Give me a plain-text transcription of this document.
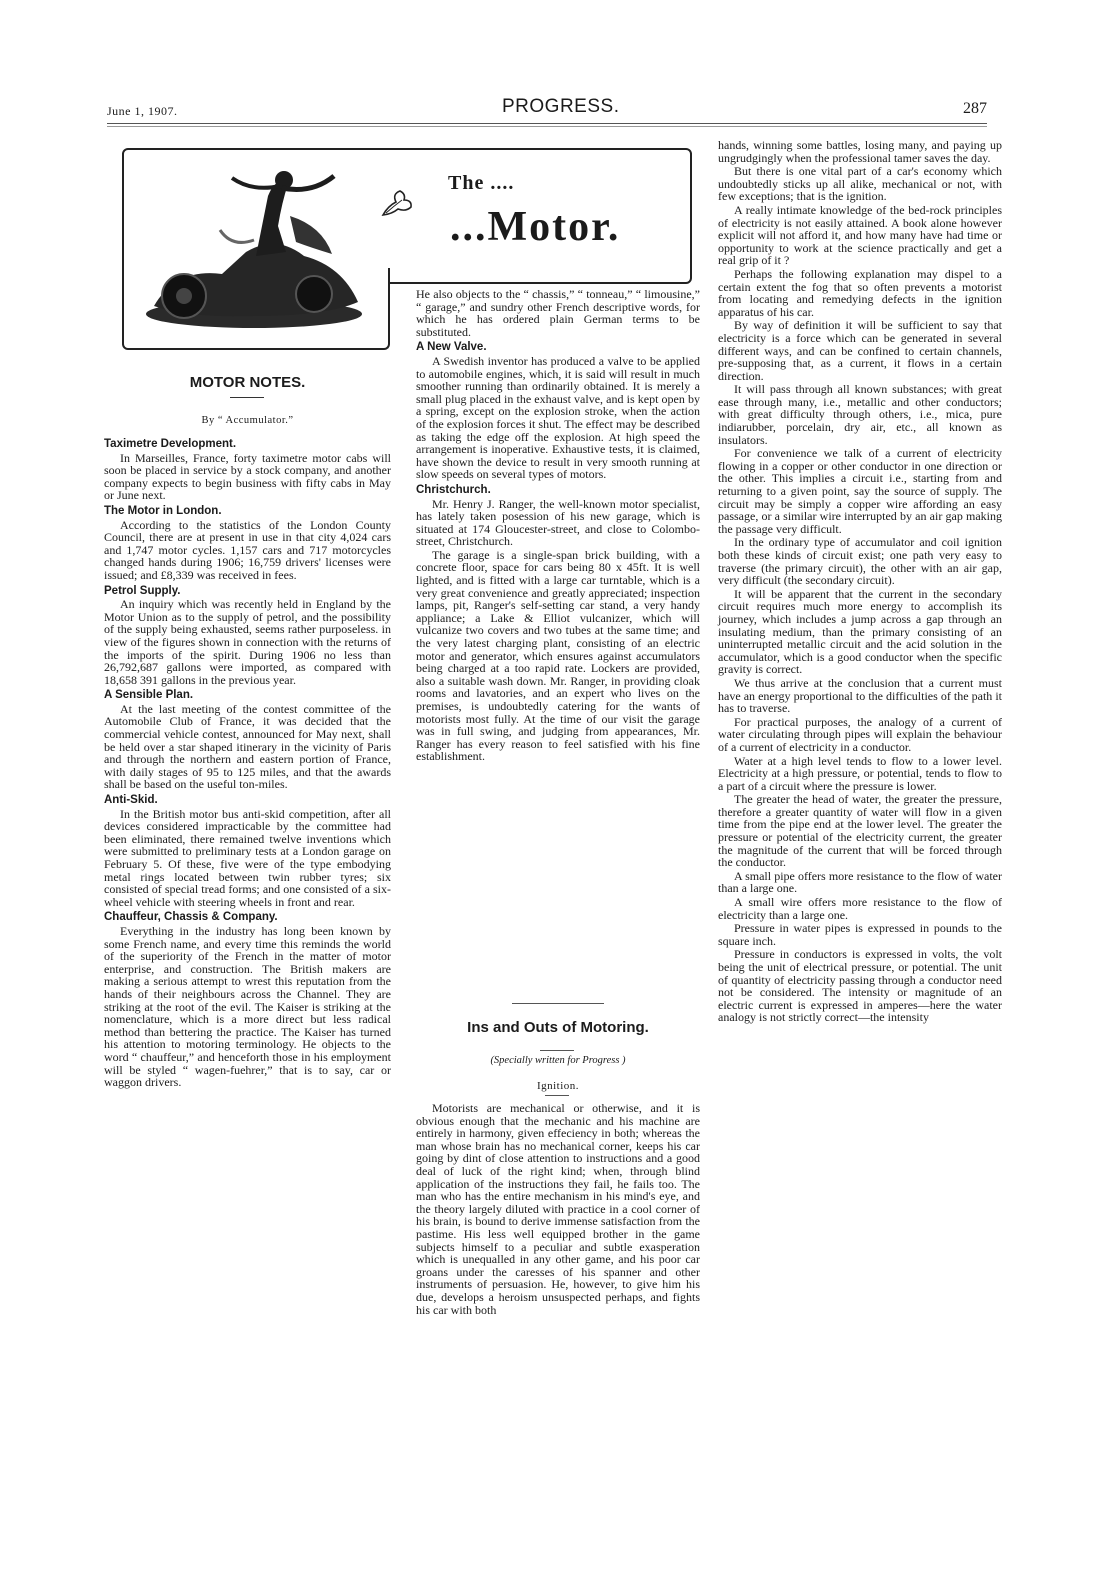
June 1, 1907.	PROGRESS.	287
The ....
...Motor.
MOTOR NOTES.
By “ Accumulator.”
Taximetre Development.

In Marseilles, France, forty taximetre motor cabs will soon be placed in service by a stock company, and another company expects to begin business with fifty cabs in May or June next.

The Motor in London.

According to the statistics of the London County Council, there are at present in use in that city 4,024 cars and 1,747 motor cycles. 1,157 cars and 717 motorcycles changed hands during 1906; 16,759 drivers' licenses were issued; and £8,339 was received in fees.

Petrol Supply.

An inquiry which was recently held in England by the Motor Union as to the supply of petrol, and the possibility of the supply being exhausted, seems rather purposeless. in view of the figures shown in connection with the returns of the imports of the spirit. During 1906 no less than 26,792,687 gallons were imported, as compared with 18,658 391 gallons in the previous year.

A Sensible Plan.

At the last meeting of the contest committee of the Automobile Club of France, it was decided that the commercial vehicle contest, announced for May next, shall be held over a star shaped itinerary in the vicinity of Paris and through the northern and eastern portion of France, with daily stages of 95 to 125 miles, and that the awards shall be based on the useful ton-miles.

Anti-Skid.

In the British motor bus anti-skid competition, after all devices considered impracticable by the committee had been eliminated, there remained twelve inventions which were submitted to preliminary tests at a London garage on February 5. Of these, five were of the type embodying metal rings located between twin rubber tyres; six consisted of special tread forms; and one consisted of a six-wheel vehicle with steering wheels in front and rear.

Chauffeur, Chassis & Company.

Everything in the industry has long been known by some French name, and every time this reminds the world of the superiority of the French in the matter of motor enterprise, and construction. The British makers are making a serious attempt to wrest this reputation from the hands of their neighbours across the Channel. They are striking at the root of the evil. The Kaiser is striking at the nomenclature, which is a more direct but less radical method than bettering the practice. The Kaiser has turned his attention to motoring terminology. He objects to the word “ chauffeur,” and henceforth those in his employment will be styled “ wagen-fuehrer,” that is to say, car or waggon drivers.

He also objects to the “ chassis,” “ tonneau,” “ limousine,” “ garage,” and sundry other French descriptive words, for which he has ordered plain German terms to be substituted.

A New Valve.

A Swedish inventor has produced a valve to be applied to automobile engines, which, it is said will result in much smoother running than ordinarily obtained. It is merely a small plug placed in the exhaust valve, and is kept open by a spring, except on the explosion stroke, when the action of the explosion forces it shut. The effect may be described as taking the edge off the explosion. At high speed the arrangement is inoperative. Exhaustive tests, it is claimed, have shown the device to result in very smooth running at slow speeds on several types of motors.

Christchurch.

Mr. Henry J. Ranger, the well-known motor specialist, has lately taken posession of his new garage, which is situated at 174 Gloucester-street, and close to Colombo-street, Christchurch.

The garage is a single-span brick building, with a concrete floor, space for cars being 80 x 45ft. It is well lighted, and is fitted with a large car turntable, which is a very great convenience and greatly appreciated; inspection lamps, pit, Ranger's self-setting car stand, a very handy appliance; a Lake & Elliot vulcanizer, which will vulcanize two covers and two tubes at the same time; and the very latest charging plant, consisting of an electric motor and generator, which ensures against accumulators being charged at a too rapid rate. Lockers are provided, also a suitable wash down. Mr. Ranger, in providing cloak rooms and lavatories, and an expert who lives on the premises, is undoubtedly catering for the wants of motorists most fully. At the time of our visit the garage was in full swing, and judging from appearances, Mr. Ranger has every reason to feel satisfied with his fine establishment.

Ins and Outs of Motoring.
(Specially written for Progress )
Ignition.

Motorists are mechanical or otherwise, and it is obvious enough that the mechanic and his machine are entirely in harmony, given effeciency in both; whereas the man whose brain has no mechanical corner, keeps his car going by dint of close attention to instructions and a good deal of luck of the right kind; when, through blind application of the instructions they fail, he fails too. The man who has the entire mechanism in his mind's eye, and the theory largely diluted with practice in a cool corner of his brain, is bound to derive immense satisfaction from the pastime. His less well equipped brother in the game subjects himself to a peculiar and subtle exasperation which is unequalled in any other game, and his poor car groans under the caresses of his spanner and other instruments of persuasion. He, however, to give him his due, develops a heroism unsuspected perhaps, and fights his car with both

hands, winning some battles, losing many, and paying up ungrudgingly when the professional tamer saves the day.

But there is one vital part of a car's economy which undoubtedly sticks up all alike, mechanical or not, with few exceptions; that is the ignition.

A really intimate knowledge of the bed-rock principles of electricity is not easily attained. A book alone however explicit will not afford it, and how many have had time or opportunity to work at the science practically and get a real grip of it ?

Perhaps the following explanation may dispel to a certain extent the fog that so often prevents a motorist from locating and remedying defects in the ignition apparatus of his car.

By way of definition it will be sufficient to say that electricity is a force which can be generated in several different ways, and can be confined to certain channels, pre-supposing that, as a current, it flows in a certain direction.

It will pass through all known substances; with great ease through many, i.e., metallic and other conductors; with great difficulty through others, i.e., mica, pure indiarubber, porcelain, dry air, etc., all known as insulators.

For convenience we talk of a current of electricity flowing in a copper or other conductor in one direction or the other. This implies a circuit i.e., starting from and returning to a given point, say the source of supply. The circuit may be simply a copper wire affording an easy passage, or a similar wire interrupted by an air gap making the passage very difficult.

In the ordinary type of accumulator and coil ignition both these kinds of circuit exist; one path very easy to traverse (the primary circuit), the other with an air gap, very difficult (the secondary circuit).

It will be apparent that the current in the secondary circuit requires much more energy to accomplish its journey, which includes a jump across a gap through an insulating medium, than the primary consisting of an uninterrupted metallic circuit and the acid solution in the accumulator, which is a good conductor when the specific gravity is correct.

We thus arrive at the conclusion that a current must have an energy proportional to the difficulties of the path it has to traverse.

For practical purposes, the analogy of a current of water circulating through pipes will explain the behaviour of a current of electricity in a conductor.

Water at a high level tends to flow to a lower level. Electricity at a high pressure, or potential, tends to flow to a part of a circuit where the pressure is lower.

The greater the head of water, the greater the pressure, therefore a greater quantity of water will flow in a given time from the pipe end at the lower level. The greater the pressure or potential of the electricity current, the greater the magnitude of the current that will be forced through the conductor.

A small pipe offers more resistance to the flow of water than a large one.

A small wire offers more resistance to the flow of electricity than a large one.

Pressure in water pipes is expressed in pounds to the square inch.

Pressure in conductors is expressed in volts, the volt being the unit of electrical pressure, or potential. The unit of quantity of electricity passing through a conductor need not be considered. The intensity or magnitude of an electric current is expressed in amperes—here the water analogy is not strictly correct—the intensity
